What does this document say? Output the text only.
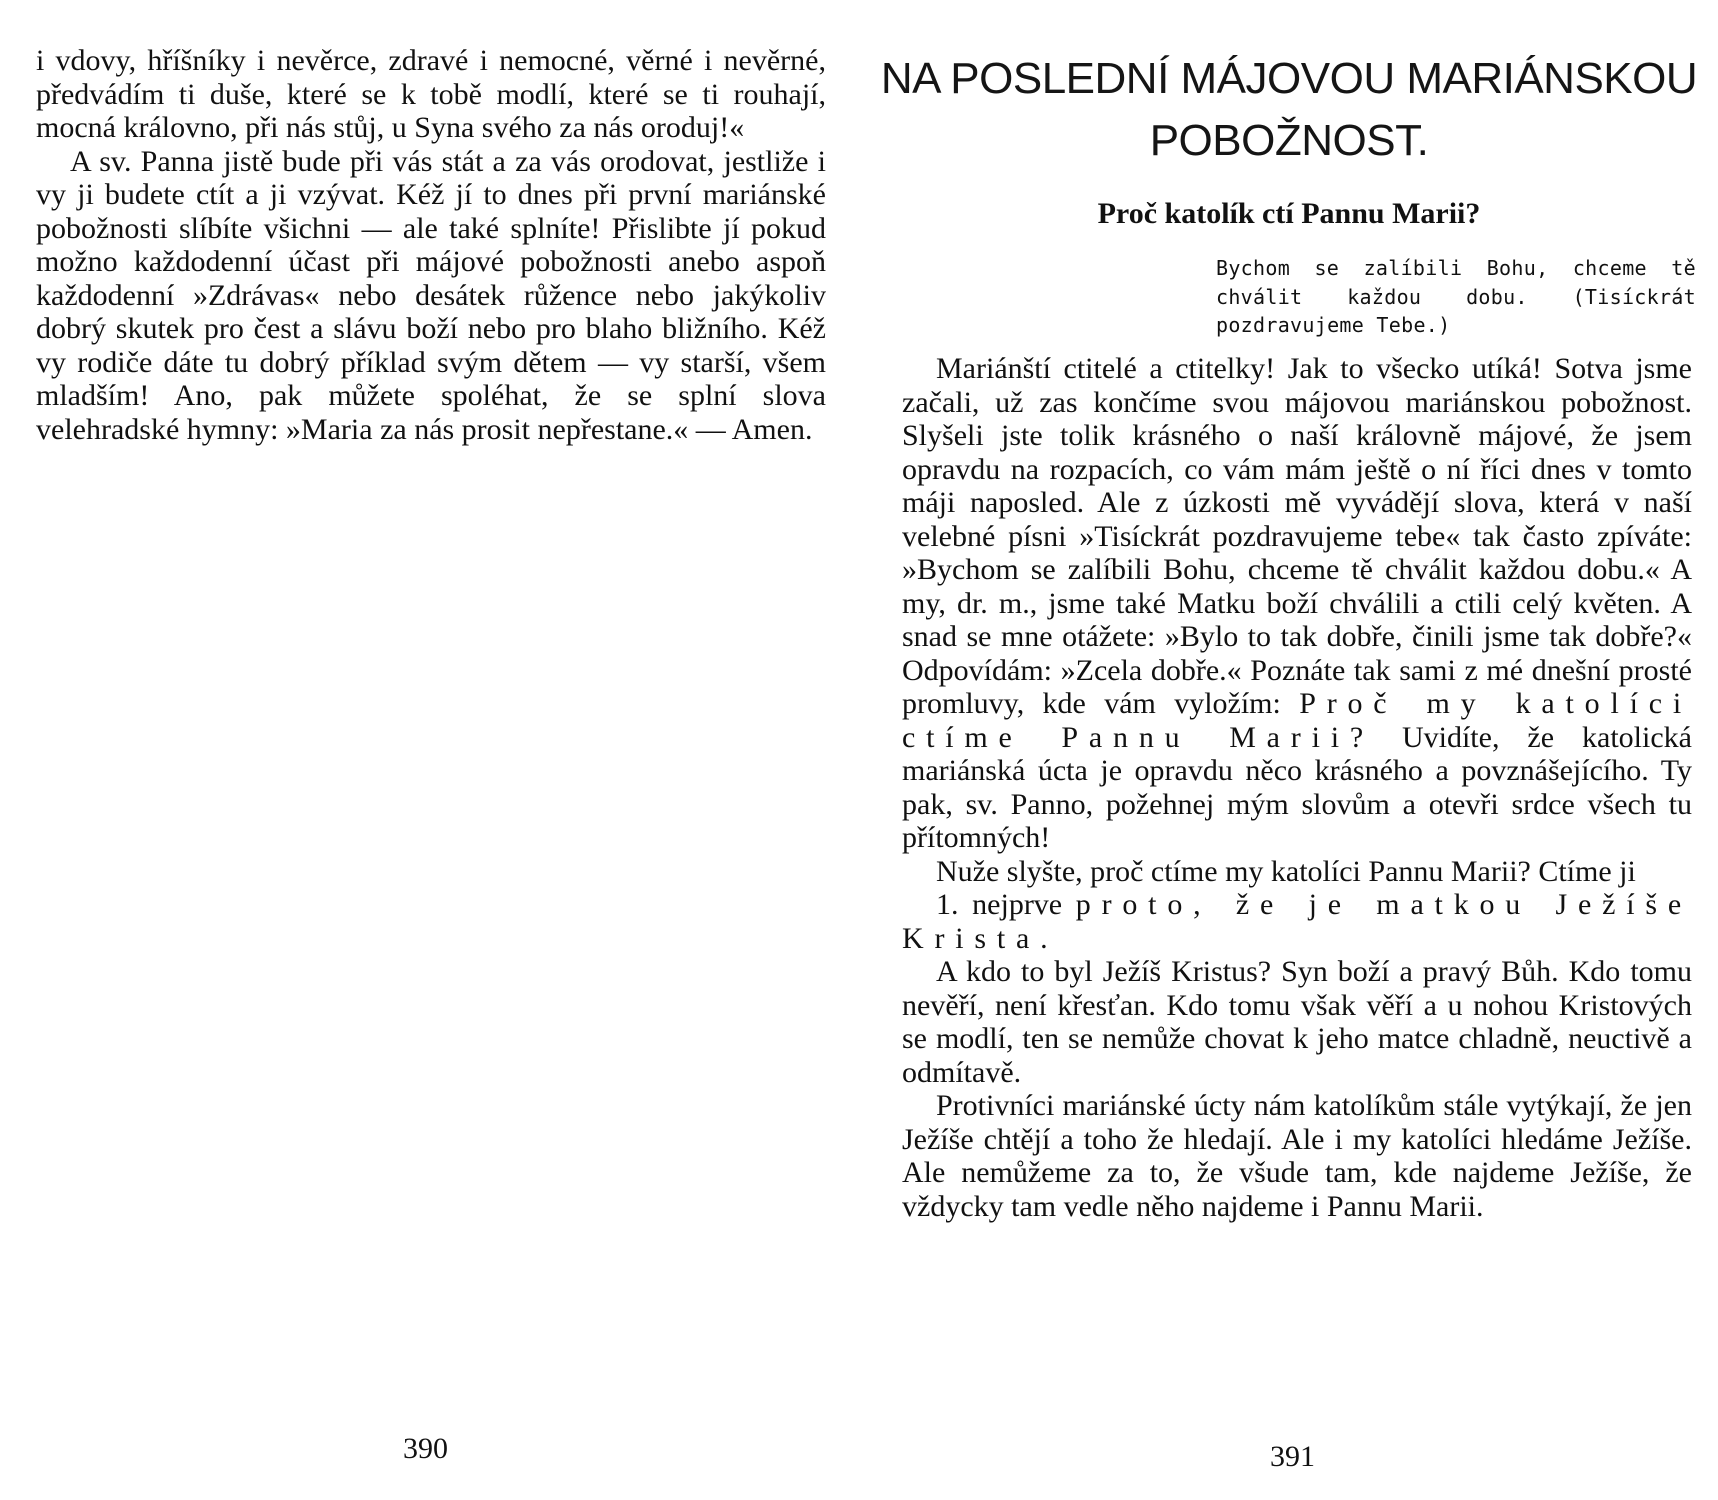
i vdovy, hříšníky i nevěrce, zdravé i nemocné, věrné i nevěrné, předvádím ti duše, které se k tobě modlí, které se ti rouhají, mocná královno, při nás stůj, u Syna svého za nás oroduj!«

A sv. Panna jistě bude při vás stát a za vás orodovat, jestliže i vy ji budete ctít a ji vzývat. Kéž jí to dnes při první mariánské pobožnosti slíbíte všichni — ale také splníte! Přislibte jí pokud možno každodenní účast při májové pobožnosti anebo aspoň každodenní »Zdrávas« nebo desátek růžence nebo jakýkoliv dobrý skutek pro čest a slávu boží nebo pro blaho bližního. Kéž vy rodiče dáte tu dobrý příklad svým dětem — vy starší, všem mladším! Ano, pak můžete spoléhat, že se splní slova velehradské hymny: »Maria za nás prosit nepřestane.« — Amen.

390
NA POSLEDNÍ MÁJOVOU MARIÁNSKOU POBOŽNOST.
Proč katolík ctí Pannu Marii?

Bychom se zalíbili Bohu, chceme tě chválit každou dobu. (Tisíckrát pozdravujeme Tebe.)

Mariánští ctitelé a ctitelky! Jak to všecko utíká! Sotva jsme začali, už zas končíme svou májovou mariánskou pobožnost. Slyšeli jste tolik krásného o naší královně májové, že jsem opravdu na rozpacích, co vám mám ještě o ní říci dnes v tomto máji naposled. Ale z úzkosti mě vyvádějí slova, která v naší velebné písni »Tisíckrát pozdravujeme tebe« tak často zpíváte: »Bychom se zalíbili Bohu, chceme tě chválit každou dobu.« A my, dr. m., jsme také Matku boží chválili a ctili celý květen. A snad se mne otážete: »Bylo to tak dobře, činili jsme tak dobře?« Odpovídám: »Zcela dobře.« Poznáte tak sami z mé dnešní prosté promluvy, kde vám vyložím: Proč my katolíci ctíme Pannu Marii? Uvidíte, že katolická mariánská úcta je opravdu něco krásného a povznášejícího. Ty pak, sv. Panno, požehnej mým slovům a otevři srdce všech tu přítomných!

Nuže slyšte, proč ctíme my katolíci Pannu Marii? Ctíme ji

1. nejprve proto, že je matkou Ježíše Krista.

A kdo to byl Ježíš Kristus? Syn boží a pravý Bůh. Kdo tomu nevěří, není křesťan. Kdo tomu však věří a u nohou Kristových se modlí, ten se nemůže chovat k jeho matce chladně, neuctivě a odmítavě.

Protivníci mariánské úcty nám katolíkům stále vytýkají, že jen Ježíše chtějí a toho že hledají. Ale i my katolíci hledáme Ježíše. Ale nemůžeme za to, že všude tam, kde najdeme Ježíše, že vždycky tam vedle něho najdeme i Pannu Marii.

391
